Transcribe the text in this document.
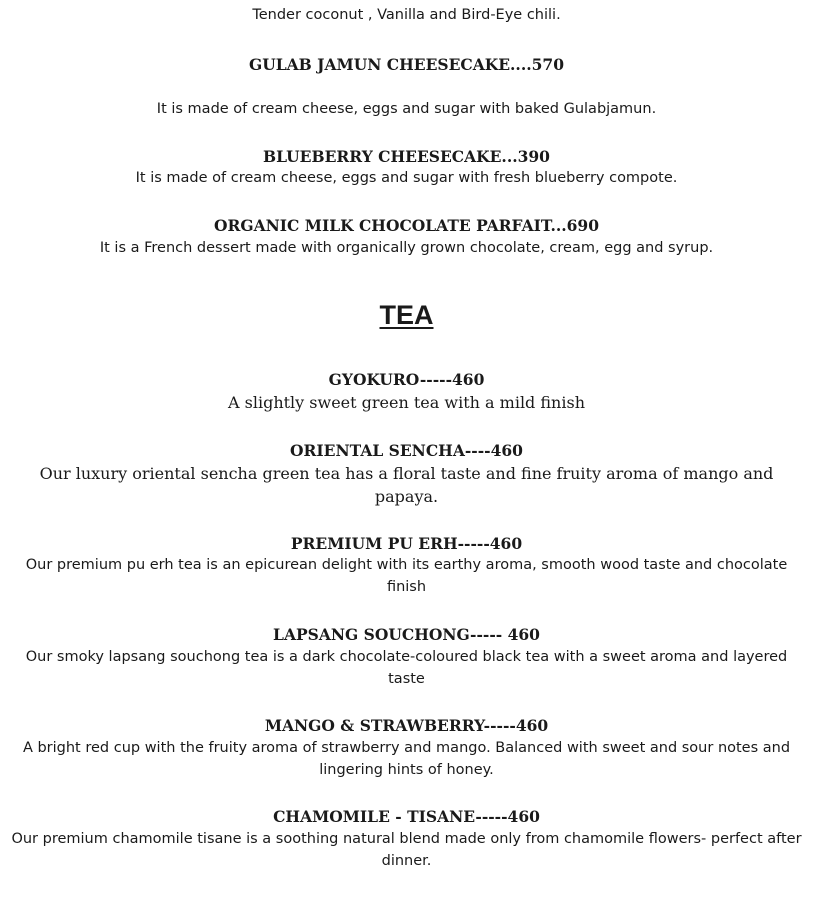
Tender coconut , Vanilla and Bird-Eye chili.
GULAB JAMUN CHEESECAKE....570
It is made of cream cheese, eggs and sugar with baked Gulabjamun.
BLUEBERRY CHEESECAKE...390
It is made of cream cheese, eggs and sugar with fresh blueberry compote.
ORGANIC MILK CHOCOLATE PARFAIT...690
It is a French dessert made with organically grown chocolate, cream, egg and syrup.
TEA
GYOKURO-----460
A slightly sweet green tea with a mild finish
ORIENTAL SENCHA----460
Our luxury oriental sencha green tea has a floral taste and fine fruity aroma of mango and
papaya.
PREMIUM PU ERH-----460
Our premium pu erh tea is an epicurean delight with its earthy aroma, smooth wood taste and chocolate
finish
LAPSANG SOUCHONG----- 460
Our smoky lapsang souchong tea is a dark chocolate-coloured black tea with a sweet aroma and layered
taste
MANGO & STRAWBERRY-----460
A bright red cup with the fruity aroma of strawberry and mango. Balanced with sweet and sour notes and
lingering hints of honey.
CHAMOMILE - TISANE-----460
Our premium chamomile tisane is a soothing natural blend made only from chamomile flowers- perfect after
dinner.
